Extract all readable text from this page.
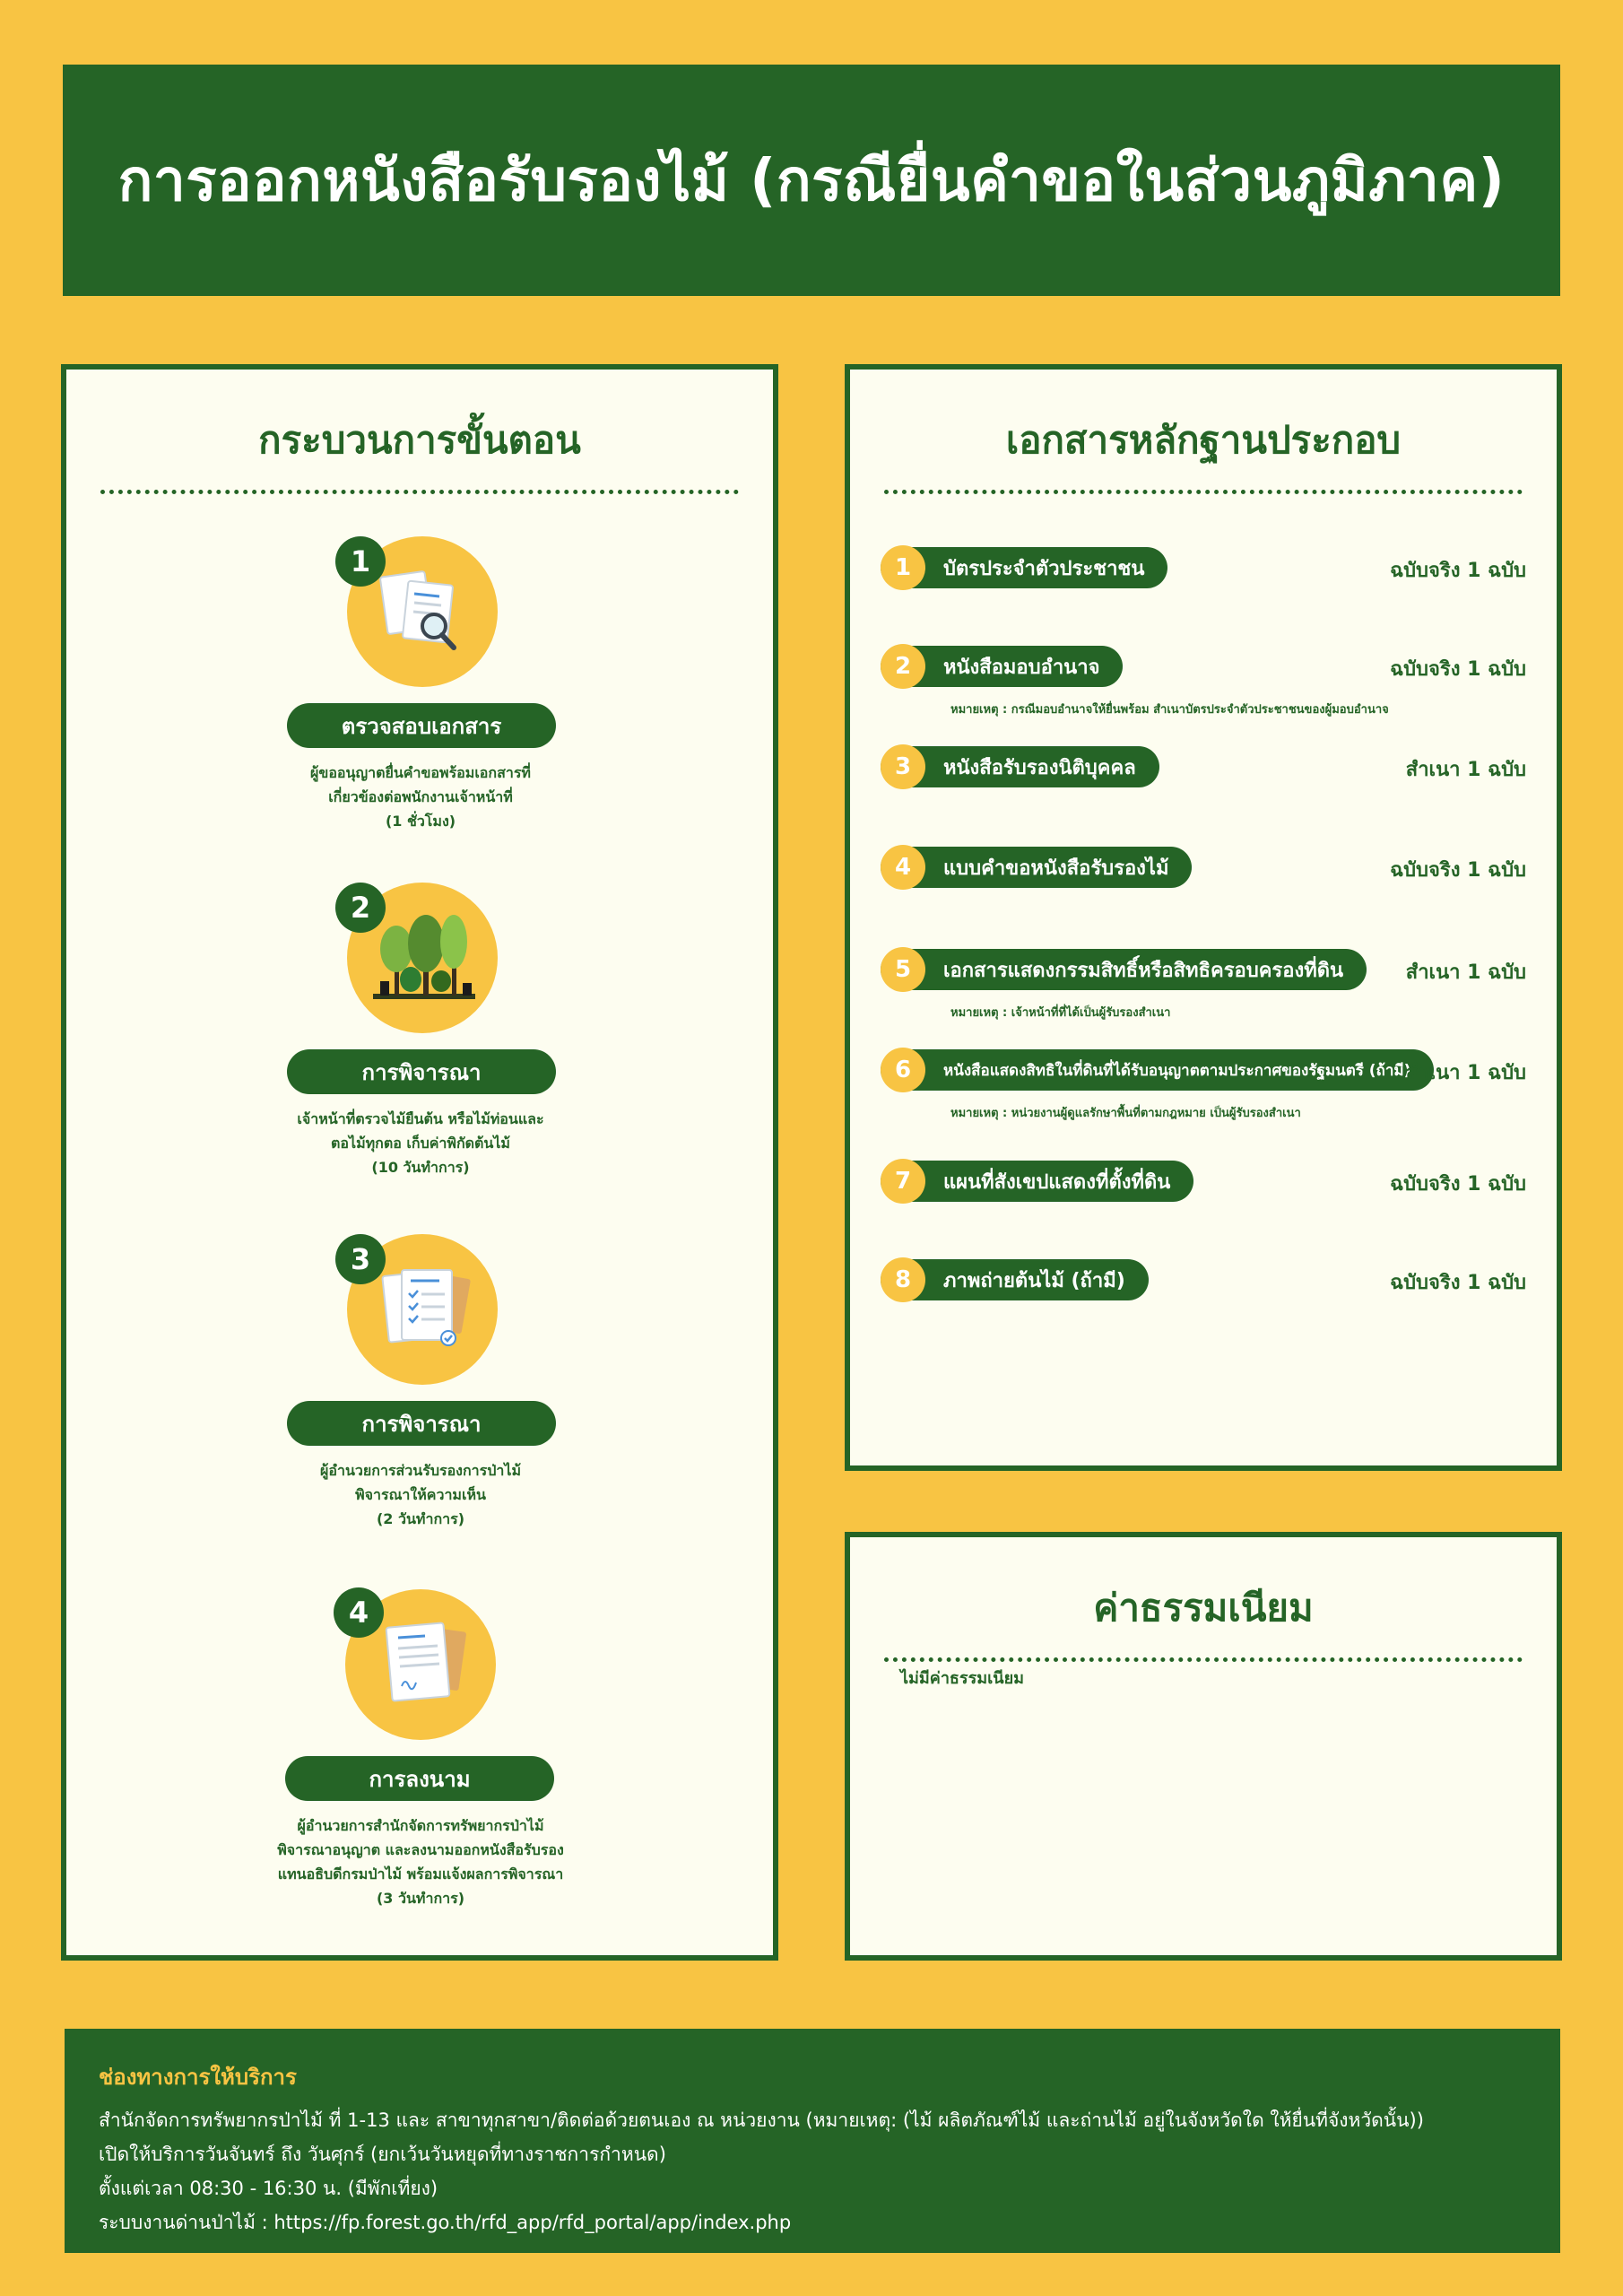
การออกหนังสือรับรองไม้ (กรณียื่นคำขอในส่วนภูมิภาค)
กระบวนการขั้นตอน
1
ตรวจสอบเอกสาร
ผู้ขออนุญาตยื่นคำขอพร้อมเอกสารที่
เกี่ยวข้องต่อพนักงานเจ้าหน้าที่
(1 ชั่วโมง)
2
การพิจารณา
เจ้าหน้าที่ตรวจไม้ยืนต้น หรือไม้ท่อนและ
ตอไม้ทุกตอ เก็บค่าพิกัดต้นไม้
(10 วันทำการ)
3
การพิจารณา
ผู้อำนวยการส่วนรับรองการป่าไม้
พิจารณาให้ความเห็น
(2 วันทำการ)
4
การลงนาม
ผู้อำนวยการสำนักจัดการทรัพยากรป่าไม้
พิจารณาอนุญาต และลงนามออกหนังสือรับรอง
แทนอธิบดีกรมป่าไม้ พร้อมแจ้งผลการพิจารณา
(3 วันทำการ)
เอกสารหลักฐานประกอบ
บัตรประจำตัวประชาชน
1	ฉบับจริง 1 ฉบับ
หนังสือมอบอำนาจ
2	ฉบับจริง 1 ฉบับ
หมายเหตุ : กรณีมอบอำนาจให้ยื่นพร้อม สำเนาบัตรประจำตัวประชาชนของผู้มอบอำนาจ
หนังสือรับรองนิติบุคคล
3	สำเนา 1 ฉบับ
แบบคำขอหนังสือรับรองไม้
4	ฉบับจริง 1 ฉบับ
เอกสารแสดงกรรมสิทธิ์หรือสิทธิครอบครองที่ดิน
5	สำเนา 1 ฉบับ
หมายเหตุ : เจ้าหน้าที่ที่ได้เป็นผู้รับรองสำเนา
หนังสือแสดงสิทธิในที่ดินที่ได้รับอนุญาตตามประกาศของรัฐมนตรี (ถ้ามี)
6	สำเนา 1 ฉบับ
หมายเหตุ : หน่วยงานผู้ดูแลรักษาพื้นที่ตามกฎหมาย เป็นผู้รับรองสำเนา
แผนที่สังเขปแสดงที่ตั้งที่ดิน
7	ฉบับจริง 1 ฉบับ
ภาพถ่ายต้นไม้ (ถ้ามี)
8	ฉบับจริง 1 ฉบับ
ค่าธรรมเนียม
ไม่มีค่าธรรมเนียม
ช่องทางการให้บริการ
สำนักจัดการทรัพยากรป่าไม้ ที่ 1-13 และ สาขาทุกสาขา/ติดต่อด้วยตนเอง ณ หน่วยงาน (หมายเหตุ: (ไม้ ผลิตภัณฑ์ไม้ และถ่านไม้ อยู่ในจังหวัดใด ให้ยื่นที่จังหวัดนั้น))
เปิดให้บริการวันจันทร์ ถึง วันศุกร์ (ยกเว้นวันหยุดที่ทางราชการกำหนด)
ตั้งแต่เวลา 08:30 - 16:30 น. (มีพักเที่ยง)
ระบบงานด่านป่าไม้ : https://fp.forest.go.th/rfd_app/rfd_portal/app/index.php
